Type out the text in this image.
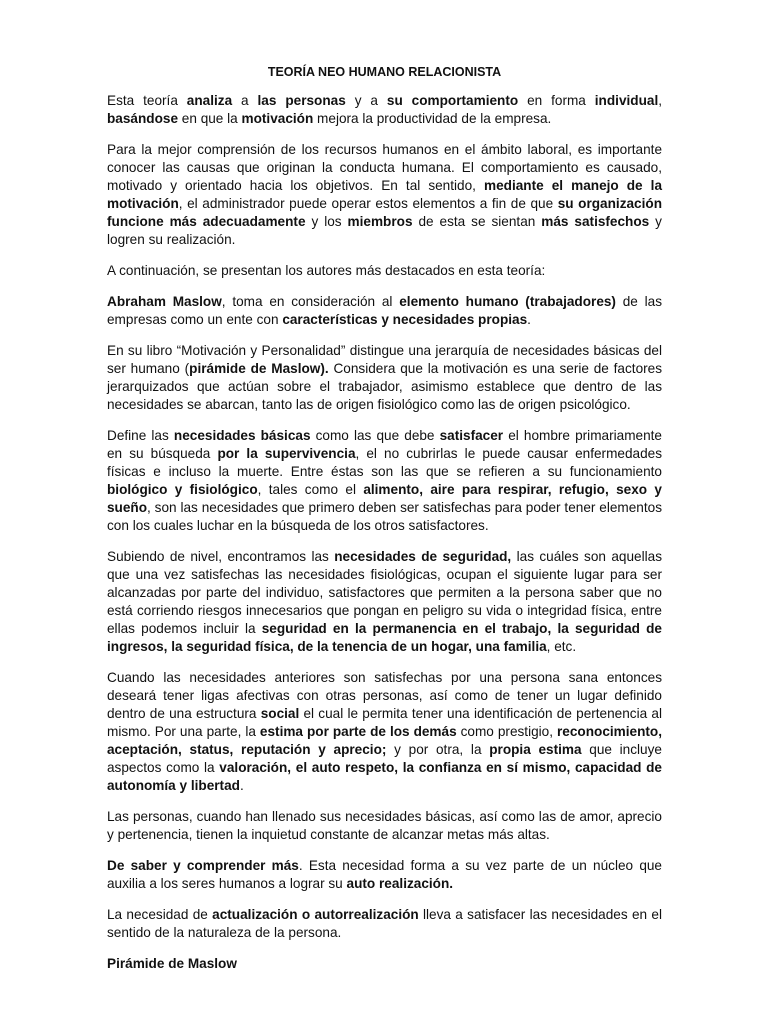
TEORÍA NEO HUMANO RELACIONISTA

Esta teoría analiza a las personas y a su comportamiento en forma individual, basándose en que la motivación mejora la productividad de la empresa.

Para la mejor comprensión de los recursos humanos en el ámbito laboral, es importante conocer las causas que originan la conducta humana. El comportamiento es causado, motivado y orientado hacia los objetivos. En tal sentido, mediante el manejo de la motivación, el administrador puede operar estos elementos a fin de que su organización funcione más adecuadamente y los miembros de esta se sientan más satisfechos y logren su realización.

A continuación, se presentan los autores más destacados en esta teoría:

Abraham Maslow, toma en consideración al elemento humano (trabajadores) de las empresas como un ente con características y necesidades propias.

En su libro “Motivación y Personalidad” distingue una jerarquía de necesidades básicas del ser humano (pirámide de Maslow). Considera que la motivación es una serie de factores jerarquizados que actúan sobre el trabajador, asimismo establece que dentro de las necesidades se abarcan, tanto las de origen fisiológico como las de origen psicológico.

Define las necesidades básicas como las que debe satisfacer el hombre primariamente en su búsqueda por la supervivencia, el no cubrirlas le puede causar enfermedades físicas e incluso la muerte. Entre éstas son las que se refieren a su funcionamiento biológico y fisiológico, tales como el alimento, aire para respirar, refugio, sexo y sueño, son las necesidades que primero deben ser satisfechas para poder tener elementos con los cuales luchar en la búsqueda de los otros satisfactores.

Subiendo de nivel, encontramos las necesidades de seguridad, las cuáles son aquellas que una vez satisfechas las necesidades fisiológicas, ocupan el siguiente lugar para ser alcanzadas por parte del individuo, satisfactores que permiten a la persona saber que no está corriendo riesgos innecesarios que pongan en peligro su vida o integridad física, entre ellas podemos incluir la seguridad en la permanencia en el trabajo, la seguridad de ingresos, la seguridad física, de la tenencia de un hogar, una familia, etc.

Cuando las necesidades anteriores son satisfechas por una persona sana entonces deseará tener ligas afectivas con otras personas, así como de tener un lugar definido dentro de una estructura social el cual le permita tener una identificación de pertenencia al mismo. Por una parte, la estima por parte de los demás como prestigio, reconocimiento, aceptación, status, reputación y aprecio; y por otra, la propia estima que incluye aspectos como la valoración, el auto respeto, la confianza en sí mismo, capacidad de autonomía y libertad.

Las personas, cuando han llenado sus necesidades básicas, así como las de amor, aprecio y pertenencia, tienen la inquietud constante de alcanzar metas más altas.

De saber y comprender más. Esta necesidad forma a su vez parte de un núcleo que auxilia a los seres humanos a lograr su auto realización.

La necesidad de actualización o autorrealización lleva a satisfacer las necesidades en el sentido de la naturaleza de la persona.

Pirámide de Maslow
